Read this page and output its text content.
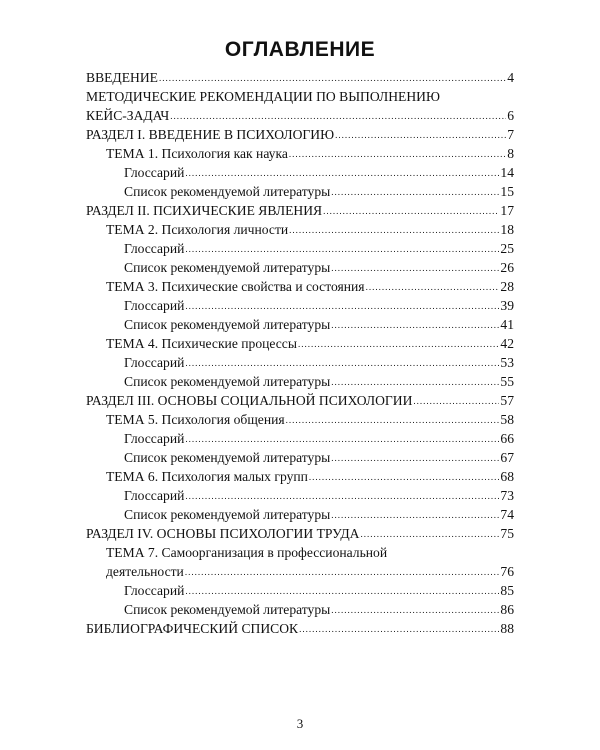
ОГЛАВЛЕНИЕ
ВВЕДЕНИЕ .....	4
МЕТОДИЧЕСКИЕ РЕКОМЕНДАЦИИ ПО ВЫПОЛНЕНИЮ
КЕЙС-ЗАДАЧ .....	6
РАЗДЕЛ I. ВВЕДЕНИЕ В ПСИХОЛОГИЮ .....	7
ТЕМА 1. Психология как наука .....	8
Глоссарий .....	14
Список рекомендуемой литературы .....	15
РАЗДЕЛ II. ПСИХИЧЕСКИЕ ЯВЛЕНИЯ .....	17
ТЕМА 2. Психология личности .....	18
Глоссарий .....	25
Список рекомендуемой литературы .....	26
ТЕМА 3. Психические свойства и состояния .....	28
Глоссарий .....	39
Список рекомендуемой литературы .....	41
ТЕМА 4. Психические процессы .....	42
Глоссарий .....	53
Список рекомендуемой литературы .....	55
РАЗДЕЛ III. ОСНОВЫ СОЦИАЛЬНОЙ ПСИХОЛОГИИ .....	57
ТЕМА 5. Психология общения .....	58
Глоссарий .....	66
Список рекомендуемой литературы .....	67
ТЕМА 6. Психология малых групп .....	68
Глоссарий .....	73
Список рекомендуемой литературы .....	74
РАЗДЕЛ IV. ОСНОВЫ ПСИХОЛОГИИ ТРУДА .....	75
ТЕМА 7. Самоорганизация в профессиональной
деятельности .....	76
Глоссарий .....	85
Список рекомендуемой литературы .....	86
БИБЛИОГРАФИЧЕСКИЙ СПИСОК .....	88
3
